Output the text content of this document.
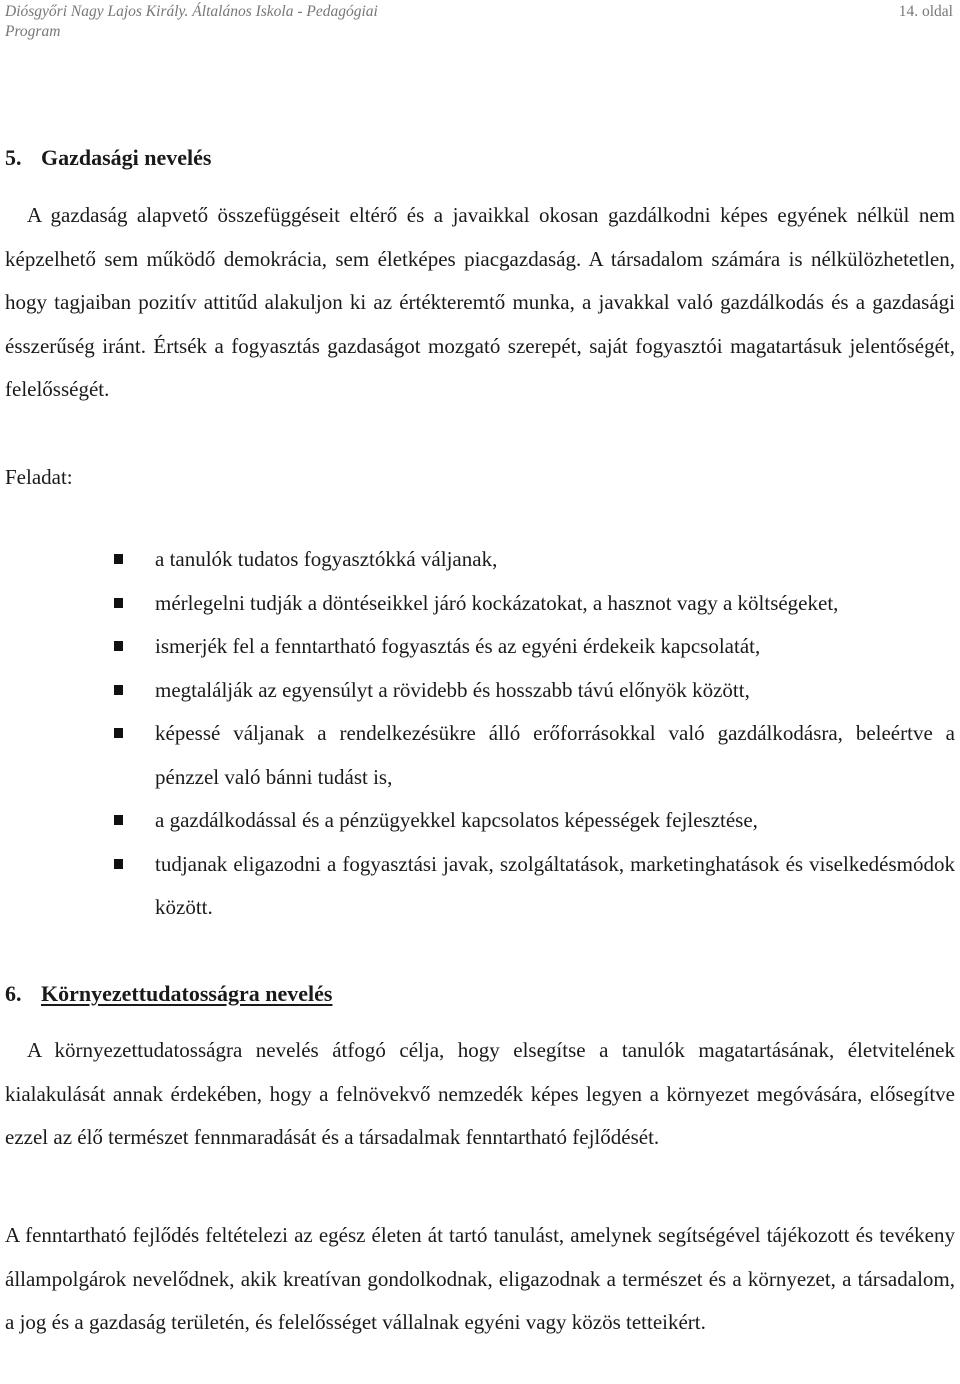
Diósgyőri Nagy Lajos Király. Általános Iskola - Pedagógiai Program
14. oldal
5. Gazdasági nevelés
A gazdaság alapvető összefüggéseit eltérő és a javaikkal okosan gazdálkodni képes egyének nélkül nem képzelhető sem működő demokrácia, sem életképes piacgazdaság. A társadalom számára is nélkülözhetetlen, hogy tagjaiban pozitív attitűd alakuljon ki az értékteremtő munka, a javakkal való gazdálkodás és a gazdasági ésszerűség iránt. Értsék a fogyasztás gazdaságot mozgató szerepét, saját fogyasztói magatartásuk jelentőségét, felelősségét.
Feladat:
a tanulók tudatos fogyasztókká váljanak,
mérlegelni tudják a döntéseikkel járó kockázatokat, a hasznot vagy a költségeket,
ismerjék fel a fenntartható fogyasztás és az egyéni érdekeik kapcsolatát,
megtalálják az egyensúlyt a rövidebb és hosszabb távú előnyök között,
képessé váljanak a rendelkezésükre álló erőforrásokkal való gazdálkodásra, beleértve a pénzzel való bánni tudást is,
a gazdálkodással és a pénzügyekkel kapcsolatos képességek fejlesztése,
tudjanak eligazodni a fogyasztási javak, szolgáltatások, marketinghatások és viselkedésmódok között.
6. Környezettudatosságra nevelés
A környezettudatosságra nevelés átfogó célja, hogy elsegítse a tanulók magatartásának, életvitelének kialakulását annak érdekében, hogy a felnövekvő nemzedék képes legyen a környezet megóvására, elősegítve ezzel az élő természet fennmaradását és a társadalmak fenntartható fejlődését.
A fenntartható fejlődés feltételezi az egész életen át tartó tanulást, amelynek segítségével tájékozott és tevékeny állampolgárok nevelődnek, akik kreatívan gondolkodnak, eligazodnak a természet és a környezet, a társadalom, a jog és a gazdaság területén, és felelősséget vállalnak egyéni vagy közös tetteikért.
